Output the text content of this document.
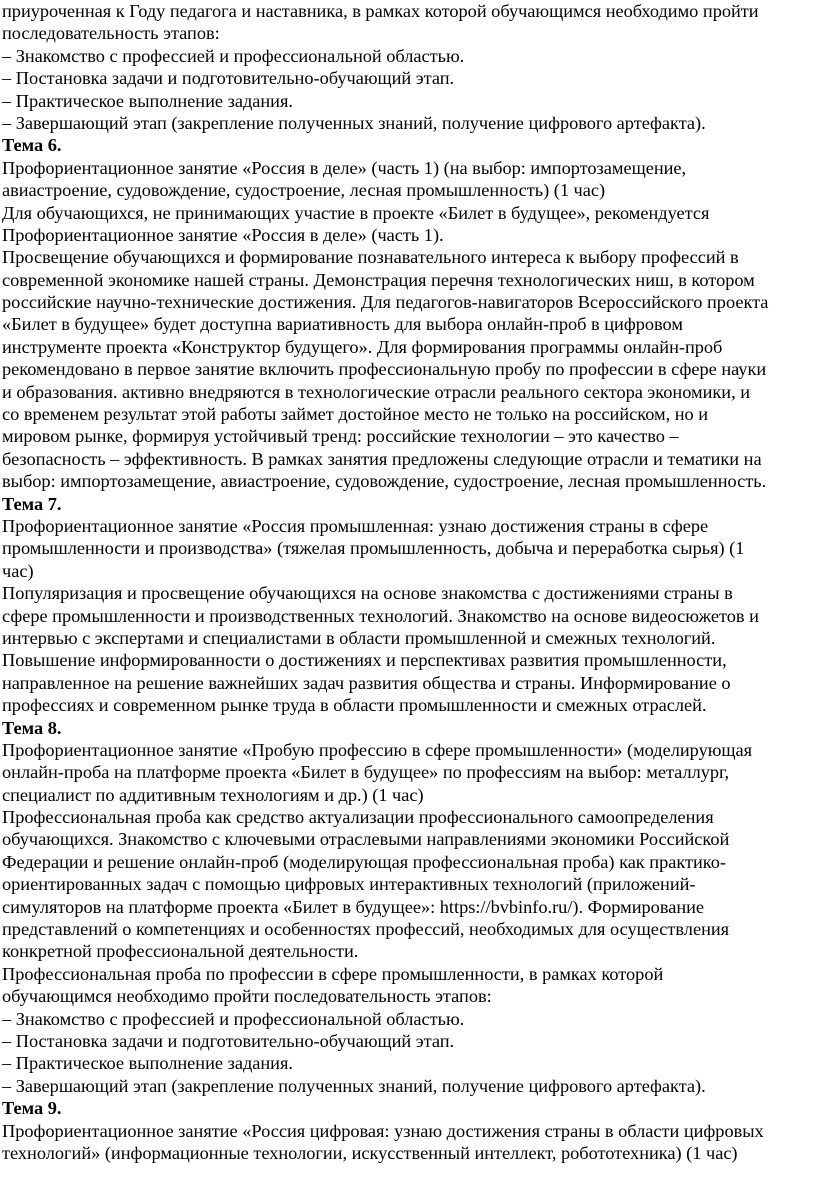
приуроченная к Году педагога и наставника, в рамках которой обучающимся необходимо пройти
последовательность этапов:
– Знакомство с профессией и профессиональной областью.
– Постановка задачи и подготовительно-обучающий этап.
– Практическое выполнение задания.
– Завершающий этап (закрепление полученных знаний, получение цифрового артефакта).
Тема 6.
Профориентационное занятие «Россия в деле» (часть 1) (на выбор: импортозамещение,
авиастроение, судовождение, судостроение, лесная промышленность) (1 час)
Для обучающихся, не принимающих участие в проекте «Билет в будущее», рекомендуется
Профориентационное занятие «Россия в деле» (часть 1).
Просвещение обучающихся и формирование познавательного интереса к выбору профессий в
современной экономике нашей страны. Демонстрация перечня технологических ниш, в котором
российские научно-технические достижения. Для педагогов-навигаторов Всероссийского проекта
«Билет в будущее» будет доступна вариативность для выбора онлайн-проб в цифровом
инструменте проекта «Конструктор будущего». Для формирования программы онлайн-проб
рекомендовано в первое занятие включить профессиональную пробу по профессии в сфере науки
и образования. активно внедряются в технологические отрасли реального сектора экономики, и
со временем результат этой работы займет достойное место не только на российском, но и
мировом рынке, формируя устойчивый тренд: российские технологии – это качество –
безопасность – эффективность. В рамках занятия предложены следующие отрасли и тематики на
выбор: импортозамещение, авиастроение, судовождение, судостроение, лесная промышленность.
Тема 7.
Профориентационное занятие «Россия промышленная: узнаю достижения страны в сфере
промышленности и производства» (тяжелая промышленность, добыча и переработка сырья) (1
час)
Популяризация и просвещение обучающихся на основе знакомства с достижениями страны в
сфере промышленности и производственных технологий. Знакомство на основе видеосюжетов и
интервью с экспертами и специалистами в области промышленной и смежных технологий.
Повышение информированности о достижениях и перспективах развития промышленности,
направленное на решение важнейших задач развития общества и страны. Информирование о
профессиях и современном рынке труда в области промышленности и смежных отраслей.
Тема 8.
Профориентационное занятие «Пробую профессию в сфере промышленности» (моделирующая
онлайн-проба на платформе проекта «Билет в будущее» по профессиям на выбор: металлург,
специалист по аддитивным технологиям и др.) (1 час)
Профессиональная проба как средство актуализации профессионального самоопределения
обучающихся. Знакомство с ключевыми отраслевыми направлениями экономики Российской
Федерации и решение онлайн-проб (моделирующая профессиональная проба) как практико-
ориентированных задач с помощью цифровых интерактивных технологий (приложений-
симуляторов на платформе проекта «Билет в будущее»: https://bvbinfo.ru/). Формирование
представлений о компетенциях и особенностях профессий, необходимых для осуществления
конкретной профессиональной деятельности.
Профессиональная проба по профессии в сфере промышленности, в рамках которой
обучающимся необходимо пройти последовательность этапов:
– Знакомство с профессией и профессиональной областью.
– Постановка задачи и подготовительно-обучающий этап.
– Практическое выполнение задания.
– Завершающий этап (закрепление полученных знаний, получение цифрового артефакта).
Тема 9.
Профориентационное занятие «Россия цифровая: узнаю достижения страны в области цифровых
технологий» (информационные технологии, искусственный интеллект, робототехника) (1 час)
